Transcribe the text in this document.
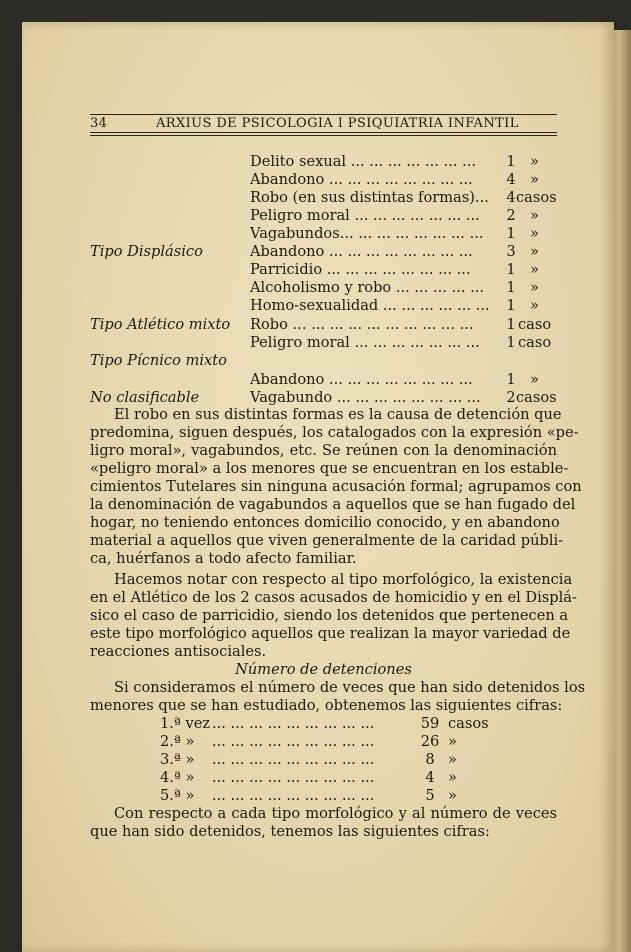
34	ARXIUS DE PSICOLOGIA I PSIQUIATRIA INFANTIL
Delito sexual ... ... ... ... ... ... ...	1 »
Abandono ... ... ... ... ... ... ... ...	4 »
Robo (en sus distintas formas)...	4 casos
Peligro moral ... ... ... ... ... ... ...	2 »
Vagabundos... ... ... ... ... ... ... ...	1 »
Tipo Displásico	Abandono ... ... ... ... ... ... ... ...	3 »
Parricidio ... ... ... ... ... ... ... ...	1 »
Alcoholismo y robo ... ... ... ... ...	1 »
Homo-sexualidad ... ... ... ... ... ...	1 »
Tipo Atlético mixto Robo ... ... ... ... ... ... ... ... ... ...	1 caso
Peligro moral ... ... ... ... ... ... ...	1 caso
Tipo Pícnico mixto
Abandono ... ... ... ... ... ... ... ...	1 »
No clasificable	Vagabundo ... ... ... ... ... ... ... ...	2 casos
El robo en sus distintas formas es la causa de detención que
predomina, siguen después, los catalogados con la expresión «pe-
ligro moral», vagabundos, etc. Se reúnen con la denominación
«peligro moral» a los menores que se encuentran en los estable-
cimientos Tutelares sin ninguna acusación formal; agrupamos con
la denominación de vagabundos a aquellos que se han fugado del
hogar, no teniendo entonces domicilio conocido, y en abandono
material a aquellos que viven generalmente de la caridad públi-
ca, huérfanos a todo afecto familiar.
Hacemos notar con respecto al tipo morfológico, la existencia
en el Atlético de los 2 casos acusados de homicidio y en el Displá-
sico el caso de parricidio, siendo los detenidos que pertenecen a
este tipo morfológico aquellos que realizan la mayor variedad de
reacciones antisociales.
Número de detenciones
Si consideramos el número de veces que han sido detenidos los
menores que se han estudiado, obtenemos las siguientes cifras:
1.ª vez ... ... ... ... ... ... ... ... ...	59 casos
2.ª »	... ... ... ... ... ... ... ... ...	26 »
3.ª »	... ... ... ... ... ... ... ... ...	8 »
4.ª »	... ... ... ... ... ... ... ... ...	4 »
5.ª »	... ... ... ... ... ... ... ... ...	5 »
Con respecto a cada tipo morfológico y al número de veces
que han sido detenidos, tenemos las siguientes cifras:
